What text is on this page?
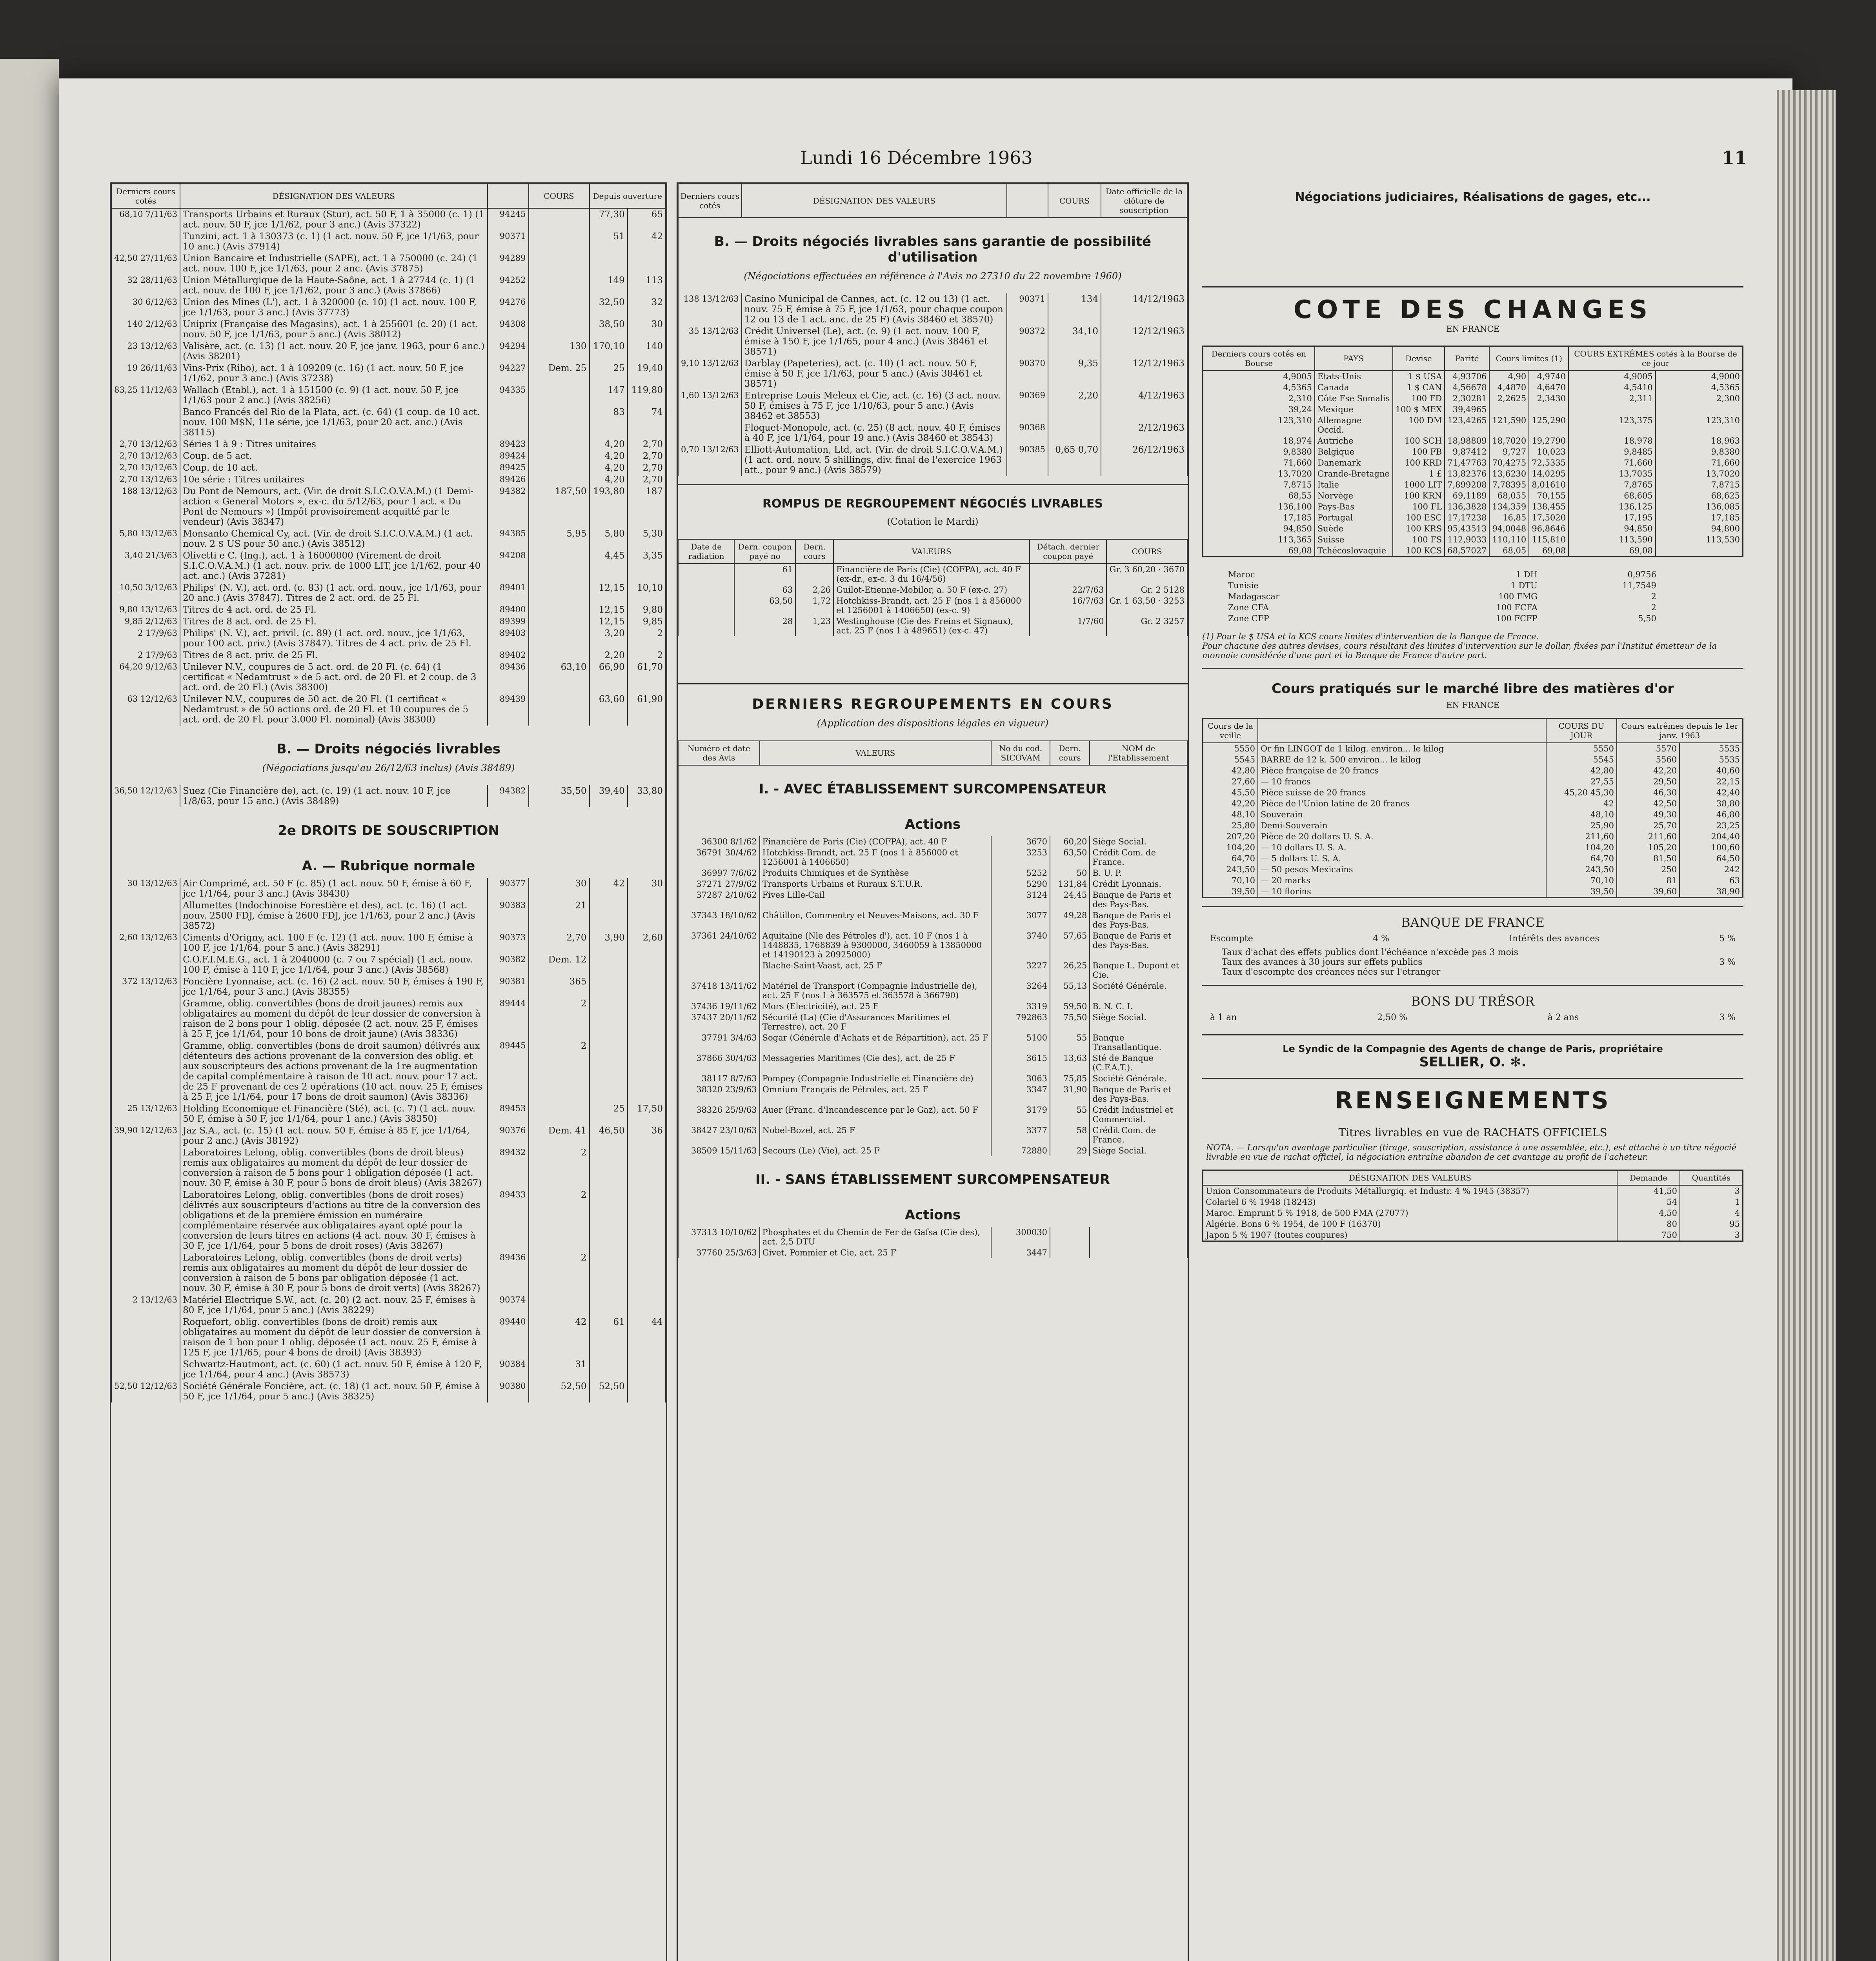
Lundi 16 Décembre 1963	11
Derniers cours cotés	DÉSIGNATION DES VALEURS		COURS	Depuis ouverture	
68,10 7/11/63	Transports Urbains et Ruraux (Stur), act. 50 F, 1 à 35000 (c. 1) (1 act. nouv. 50 F, jce 1/1/62, pour 3 anc.) (Avis 37322)	94245		77,30	65
	Tunzini, act. 1 à 130373 (c. 1) (1 act. nouv. 50 F, jce 1/1/63, pour 10 anc.) (Avis 37914)	90371		51	42
42,50 27/11/63	Union Bancaire et Industrielle (SAPE), act. 1 à 750000 (c. 24) (1 act. nouv. 100 F, jce 1/1/63, pour 2 anc. (Avis 37875)	94289			
32 28/11/63	Union Métallurgique de la Haute-Saône, act. 1 à 27744 (c. 1) (1 act. nouv. de 100 F, jce 1/1/62, pour 3 anc.) (Avis 37866)	94252		149	113
30 6/12/63	Union des Mines (L'), act. 1 à 320000 (c. 10) (1 act. nouv. 100 F, jce 1/1/63, pour 3 anc.) (Avis 37773)	94276		32,50	32
140 2/12/63	Uniprix (Française des Magasins), act. 1 à 255601 (c. 20) (1 act. nouv. 50 F, jce 1/1/63, pour 5 anc.) (Avis 38012)	94308		38,50	30
23 13/12/63	Valisère, act. (c. 13) (1 act. nouv. 20 F, jce janv. 1963, pour 6 anc.) (Avis 38201)	94294	130	170,10	140
19 26/11/63	Vins-Prix (Ribo), act. 1 à 109209 (c. 16) (1 act. nouv. 50 F, jce 1/1/62, pour 3 anc.) (Avis 37238)	94227	Dem. 25	25	19,40
83,25 11/12/63	Wallach (Etabl.), act. 1 à 151500 (c. 9) (1 act. nouv. 50 F, jce 1/1/63 pour 2 anc.) (Avis 38256)	94335		147	119,80
	Banco Francés del Rio de la Plata, act. (c. 64) (1 coup. de 10 act. nouv. 100 M$N, 11e série, jce 1/1/63, pour 20 act. anc.) (Avis 38115)			83	74
2,70 13/12/63	Séries 1 à 9 : Titres unitaires	89423		4,20	2,70
2,70 13/12/63	Coup. de 5 act.	89424		4,20	2,70
2,70 13/12/63	Coup. de 10 act.	89425		4,20	2,70
2,70 13/12/63	10e série : Titres unitaires	89426		4,20	2,70
188 13/12/63	Du Pont de Nemours, act. (Vir. de droit S.I.C.O.V.A.M.) (1 Demi-action « General Motors », ex-c. du 5/12/63, pour 1 act. « Du Pont de Nemours ») (Impôt provisoirement acquitté par le vendeur) (Avis 38347)	94382	187,50	193,80	187
5,80 13/12/63	Monsanto Chemical Cy, act. (Vir. de droit S.I.C.O.V.A.M.) (1 act. nouv. 2 $ US pour 50 anc.) (Avis 38512)	94385	5,95	5,80	5,30
3,40 21/3/63	Olivetti e C. (Ing.), act. 1 à 16000000 (Virement de droit S.I.C.O.V.A.M.) (1 act. nouv. priv. de 1000 LIT, jce 1/1/62, pour 40 act. anc.) (Avis 37281)	94208		4,45	3,35
10,50 3/12/63	Philips' (N. V.), act. ord. (c. 83) (1 act. ord. nouv., jce 1/1/63, pour 20 anc.) (Avis 37847). Titres de 2 act. ord. de 25 Fl.	89401		12,15	10,10
9,80 13/12/63	Titres de 4 act. ord. de 25 Fl.	89400		12,15	9,80
9,85 2/12/63	Titres de 8 act. ord. de 25 Fl.	89399		12,15	9,85
2 17/9/63	Philips' (N. V.), act. privil. (c. 89) (1 act. ord. nouv., jce 1/1/63, pour 100 act. priv.) (Avis 37847). Titres de 4 act. priv. de 25 Fl.	89403		3,20	2
2 17/9/63	Titres de 8 act. priv. de 25 Fl.	89402		2,20	2
64,20 9/12/63	Unilever N.V., coupures de 5 act. ord. de 20 Fl. (c. 64) (1 certificat « Nedamtrust » de 5 act. ord. de 20 Fl. et 2 coup. de 3 act. ord. de 20 Fl.) (Avis 38300)	89436	63,10	66,90	61,70
63 12/12/63	Unilever N.V., coupures de 50 act. de 20 Fl. (1 certificat « Nedamtrust » de 50 actions ord. de 20 Fl. et 10 coupures de 5 act. ord. de 20 Fl. pour 3.000 Fl. nominal) (Avis 38300)	89439		63,60	61,90
B. — Droits négociés livrables					
(Négociations jusqu'au 26/12/63 inclus) (Avis 38489)					
36,50 12/12/63	Suez (Cie Financière de), act. (c. 19) (1 act. nouv. 10 F, jce 1/8/63, pour 15 anc.) (Avis 38489)	94382	35,50	39,40	33,80
2e DROITS DE SOUSCRIPTION					
A. — Rubrique normale					
30 13/12/63	Air Comprimé, act. 50 F (c. 85) (1 act. nouv. 50 F, émise à 60 F, jce 1/1/64, pour 3 anc.) (Avis 38430)	90377	30	42	30
	Allumettes (Indochinoise Forestière et des), act. (c. 16) (1 act. nouv. 2500 FDJ, émise à 2600 FDJ, jce 1/1/63, pour 2 anc.) (Avis 38572)	90383	21		
2,60 13/12/63	Ciments d'Origny, act. 100 F (c. 12) (1 act. nouv. 100 F, émise à 100 F, jce 1/1/64, pour 5 anc.) (Avis 38291)	90373	2,70	3,90	2,60
	C.O.F.I.M.E.G., act. 1 à 2040000 (c. 7 ou 7 spécial) (1 act. nouv. 100 F, émise à 110 F, jce 1/1/64, pour 3 anc.) (Avis 38568)	90382	Dem. 12		
372 13/12/63	Foncière Lyonnaise, act. (c. 16) (2 act. nouv. 50 F, émises à 190 F, jce 1/1/64, pour 3 anc.) (Avis 38355)	90381	365		
	Gramme, oblig. convertibles (bons de droit jaunes) remis aux obligataires au moment du dépôt de leur dossier de conversion à raison de 2 bons pour 1 oblig. déposée (2 act. nouv. 25 F, émises à 25 F, jce 1/1/64, pour 10 bons de droit jaune) (Avis 38336)	89444	2		
	Gramme, oblig. convertibles (bons de droit saumon) délivrés aux détenteurs des actions provenant de la conversion des oblig. et aux souscripteurs des actions provenant de la 1re augmentation de capital complémentaire à raison de 10 act. nouv. pour 17 act. de 25 F provenant de ces 2 opérations (10 act. nouv. 25 F, émises à 25 F, jce 1/1/64, pour 17 bons de droit saumon) (Avis 38336)	89445	2		
25 13/12/63	Holding Economique et Financière (Sté), act. (c. 7) (1 act. nouv. 50 F, émise à 50 F, jce 1/1/64, pour 1 anc.) (Avis 38350)	89453		25	17,50
39,90 12/12/63	Jaz S.A., act. (c. 15) (1 act. nouv. 50 F, émise à 85 F, jce 1/1/64, pour 2 anc.) (Avis 38192)	90376	Dem. 41	46,50	36
	Laboratoires Lelong, oblig. convertibles (bons de droit bleus) remis aux obligataires au moment du dépôt de leur dossier de conversion à raison de 5 bons pour 1 obligation déposée (1 act. nouv. 30 F, émise à 30 F, pour 5 bons de droit bleus) (Avis 38267)	89432	2		
	Laboratoires Lelong, oblig. convertibles (bons de droit roses) délivrés aux souscripteurs d'actions au titre de la conversion des obligations et de la première émission en numéraire complémentaire réservée aux obligataires ayant opté pour la conversion de leurs titres en actions (4 act. nouv. 30 F, émises à 30 F, jce 1/1/64, pour 5 bons de droit roses) (Avis 38267)	89433	2		
	Laboratoires Lelong, oblig. convertibles (bons de droit verts) remis aux obligataires au moment du dépôt de leur dossier de conversion à raison de 5 bons par obligation déposée (1 act. nouv. 30 F, émise à 30 F, pour 5 bons de droit verts) (Avis 38267)	89436	2		
2 13/12/63	Matériel Electrique S.W., act. (c. 20) (2 act. nouv. 25 F, émises à 80 F, jce 1/1/64, pour 5 anc.) (Avis 38229)	90374			
	Roquefort, oblig. convertibles (bons de droit) remis aux obligataires au moment du dépôt de leur dossier de conversion à raison de 1 bon pour 1 oblig. déposée (1 act. nouv. 25 F, émise à 125 F, jce 1/1/65, pour 4 bons de droit) (Avis 38393)	89440	42	61	44
	Schwartz-Hautmont, act. (c. 60) (1 act. nouv. 50 F, émise à 120 F, jce 1/1/64, pour 4 anc.) (Avis 38573)	90384	31		
52,50 12/12/63	Société Générale Foncière, act. (c. 18) (1 act. nouv. 50 F, émise à 50 F, jce 1/1/64, pour 5 anc.) (Avis 38325)	90380	52,50	52,50	
Derniers cours cotés	DÉSIGNATION DES VALEURS		COURS	Date officielle de la clôture de souscription
B. — Droits négociés livrables sans garantie de possibilité d'utilisation				
(Négociations effectuées en référence à l'Avis no 27310 du 22 novembre 1960)				
138 13/12/63	Casino Municipal de Cannes, act. (c. 12 ou 13) (1 act. nouv. 75 F, émise à 75 F, jce 1/1/63, pour chaque coupon 12 ou 13 de 1 act. anc. de 25 F) (Avis 38460 et 38570)	90371	134	14/12/1963
35 13/12/63	Crédit Universel (Le), act. (c. 9) (1 act. nouv. 100 F, émise à 150 F, jce 1/1/65, pour 4 anc.) (Avis 38461 et 38571)	90372	34,10	12/12/1963
9,10 13/12/63	Darblay (Papeteries), act. (c. 10) (1 act. nouv. 50 F, émise à 50 F, jce 1/1/63, pour 5 anc.) (Avis 38461 et 38571)	90370	9,35	12/12/1963
1,60 13/12/63	Entreprise Louis Meleux et Cie, act. (c. 16) (3 act. nouv. 50 F, émises à 75 F, jce 1/10/63, pour 5 anc.) (Avis 38462 et 38553)	90369	2,20	4/12/1963
	Floquet-Monopole, act. (c. 25) (8 act. nouv. 40 F, émises à 40 F, jce 1/1/64, pour 19 anc.) (Avis 38460 et 38543)	90368		2/12/1963
0,70 13/12/63	Elliott-Automation, Ltd, act. (Vir. de droit S.I.C.O.V.A.M.) (1 act. ord. nouv. 5 shillings, div. final de l'exercice 1963 att., pour 9 anc.) (Avis 38579)	90385	0,65 0,70	26/12/1963
ROMPUS DE REGROUPEMENT NÉGOCIÉS LIVRABLES
(Cotation le Mardi)
Date de radiation	Dern. coupon payé no	Dern. cours	VALEURS	Détach. dernier coupon payé	COURS
	61		Financière de Paris (Cie) (COFPA), act. 40 F (ex-dr., ex-c. 3 du 16/4/56)		Gr. 3 60,20 · 3670
	63	2,26	Guilot-Etienne-Mobilor, a. 50 F (ex-c. 27)	22/7/63	Gr. 2 5128
	63,50	1,72	Hotchkiss-Brandt, act. 25 F (nos 1 à 856000 et 1256001 à 1406650) (ex-c. 9)	16/7/63	Gr. 1 63,50 · 3253
	28	1,23	Westinghouse (Cie des Freins et Signaux), act. 25 F (nos 1 à 489651) (ex-c. 47)	1/7/60	Gr. 2 3257
DERNIERS REGROUPEMENTS EN COURS
(Application des dispositions légales en vigueur)
Numéro et date des Avis	VALEURS	No du cod. SICOVAM	Dern. cours	NOM de l'Etablissement
I. - AVEC ÉTABLISSEMENT SURCOMPENSATEUR				
Actions				
36300 8/1/62	Financière de Paris (Cie) (COFPA), act. 40 F	3670	60,20	Siège Social.
36791 30/4/62	Hotchkiss-Brandt, act. 25 F (nos 1 à 856000 et 1256001 à 1406650)	3253	63,50	Crédit Com. de France.
36997 7/6/62	Produits Chimiques et de Synthèse	5252	50	B. U. P.
37271 27/9/62	Transports Urbains et Ruraux S.T.U.R.	5290	131,84	Crédit Lyonnais.
37287 2/10/62	Fives Lille-Cail	3124	24,45	Banque de Paris et des Pays-Bas.
37343 18/10/62	Châtillon, Commentry et Neuves-Maisons, act. 30 F	3077	49,28	Banque de Paris et des Pays-Bas.
37361 24/10/62	Aquitaine (Nle des Pétroles d'), act. 10 F (nos 1 à 1448835, 1768839 à 9300000, 3460059 à 13850000 et 14190123 à 20925000)	3740	57,65	Banque de Paris et des Pays-Bas.
	Blache-Saint-Vaast, act. 25 F	3227	26,25	Banque L. Dupont et Cie.
37418 13/11/62	Matériel de Transport (Compagnie Industrielle de), act. 25 F (nos 1 à 363575 et 363578 à 366790)	3264	55,13	Société Générale.
37436 19/11/62	Mors (Electricité), act. 25 F	3319	59,50	B. N. C. I.
37437 20/11/62	Sécurité (La) (Cie d'Assurances Maritimes et Terrestre), act. 20 F	792863	75,50	Siège Social.
37791 3/4/63	Sogar (Générale d'Achats et de Répartition), act. 25 F	5100	55	Banque Transatlantique.
37866 30/4/63	Messageries Maritimes (Cie des), act. de 25 F	3615	13,63	Sté de Banque (C.F.A.T.).
38117 8/7/63	Pompey (Compagnie Industrielle et Financière de)	3063	75,85	Société Générale.
38320 23/9/63	Omnium Français de Pétroles, act. 25 F	3347	31,90	Banque de Paris et des Pays-Bas.
38326 25/9/63	Auer (Franç. d'Incandescence par le Gaz), act. 50 F	3179	55	Crédit Industriel et Commercial.
38427 23/10/63	Nobel-Bozel, act. 25 F	3377	58	Crédit Com. de France.
38509 15/11/63	Secours (Le) (Vie), act. 25 F	72880	29	Siège Social.
II. - SANS ÉTABLISSEMENT SURCOMPENSATEUR				
Actions				
37313 10/10/62	Phosphates et du Chemin de Fer de Gafsa (Cie des), act. 2,5 DTU	300030		
37760 25/3/63	Givet, Pommier et Cie, act. 25 F	3447		
Négociations judiciaires, Réalisations de gages, etc...
COTE DES CHANGES
EN FRANCE
Derniers cours cotés en Bourse	PAYS	Devise	Parité	Cours limites (1)		COURS EXTRÊMES cotés à la Bourse de ce jour	
4,9005	Etats-Unis	1 $ USA	4,93706	4,90	4,9740	4,9005	4,9000
4,5365	Canada	1 $ CAN	4,56678	4,4870	4,6470	4,5410	4,5365
2,310	Côte Fse Somalis	100 FD	2,30281	2,2625	2,3430	2,311	2,300
39,24	Mexique	100 $ MEX	39,4965				
123,310	Allemagne Occid.	100 DM	123,4265	121,590	125,290	123,375	123,310
18,974	Autriche	100 SCH	18,98809	18,7020	19,2790	18,978	18,963
9,8380	Belgique	100 FB	9,87412	9,727	10,023	9,8485	9,8380
71,660	Danemark	100 KRD	71,47763	70,4275	72,5335	71,660	71,660
13,7020	Grande-Bretagne	1 £	13,82376	13,6230	14,0295	13,7035	13,7020
7,8715	Italie	1000 LIT	7,899208	7,78395	8,01610	7,8765	7,8715
68,55	Norvège	100 KRN	69,1189	68,055	70,155	68,605	68,625
136,100	Pays-Bas	100 FL	136,3828	134,359	138,455	136,125	136,085
17,185	Portugal	100 ESC	17,17238	16,85	17,5020	17,195	17,185
94,850	Suède	100 KRS	95,43513	94,0048	96,8646	94,850	94,800
113,365	Suisse	100 FS	112,9033	110,110	115,810	113,590	113,530
69,08	Tchécoslovaquie	100 KCS	68,57027	68,05	69,08	69,08	
Maroc	1 DH	0,9756
Tunisie	1 DTU	11,7549
Madagascar	100 FMG	2
Zone CFA	100 FCFA	2
Zone CFP	100 FCFP	5,50
(1) Pour le $ USA et la KCS cours limites d'intervention de la Banque de France.
Pour chacune des autres devises, cours résultant des limites d'intervention sur le dollar, fixées par l'Institut émetteur de la monnaie considérée d'une part et la Banque de France d'autre part.
Cours pratiqués sur le marché libre des matières d'or
EN FRANCE
Cours de la veille		COURS DU JOUR	Cours extrêmes depuis le 1er janv. 1963	
5550	Or fin LINGOT de 1 kilog. environ... le kilog	5550	5570	5535
5545	BARRE de 12 k. 500 environ... le kilog	5545	5560	5535
42,80	Pièce française de 20 francs	42,80	42,20	40,60
27,60	— 10 francs	27,55	29,50	22,15
45,50	Pièce suisse de 20 francs	45,20 45,30	46,30	42,40
42,20	Pièce de l'Union latine de 20 francs	42	42,50	38,80
48,10	Souverain	48,10	49,30	46,80
25,80	Demi-Souverain	25,90	25,70	23,25
207,20	Pièce de 20 dollars U. S. A.	211,60	211,60	204,40
104,20	— 10 dollars U. S. A.	104,20	105,20	100,60
64,70	— 5 dollars U. S. A.	64,70	81,50	64,50
243,50	— 50 pesos Mexicains	243,50	250	242
70,10	— 20 marks	70,10	81	63
39,50	— 10 florins	39,50	39,60	38,90
BANQUE DE FRANCE
Escompte	4 %	Intérêts des avances	5 %
Taux d'achat des effets publics dont l'échéance n'excède pas 3 mois
Taux des avances à 30 jours sur effets publics
Taux d'escompte des créances nées sur l'étranger
3 %
BONS DU TRÉSOR
à 1 an	2,50 %	à 2 ans	3 %
Le Syndic de la Compagnie des Agents de change de Paris, propriétaire
SELLIER, O. ✻.
RENSEIGNEMENTS
Titres livrables en vue de RACHATS OFFICIELS
NOTA. — Lorsqu'un avantage particulier (tirage, souscription, assistance à une assemblée, etc.), est attaché à un titre négocié livrable en vue de rachat officiel, la négociation entraîne abandon de cet avantage au profit de l'acheteur.
DÉSIGNATION DES VALEURS	Demande	Quantités
Union Consommateurs de Produits Métallurgiq. et Industr. 4 % 1945 (38357)	41,50	3
Colariel 6 % 1948 (18243)	54	1
Maroc. Emprunt 5 % 1918, de 500 FMA (27077)	4,50	4
Algérie. Bons 6 % 1954, de 100 F (16370)	80	95
Japon 5 % 1907 (toutes coupures)	750	3
